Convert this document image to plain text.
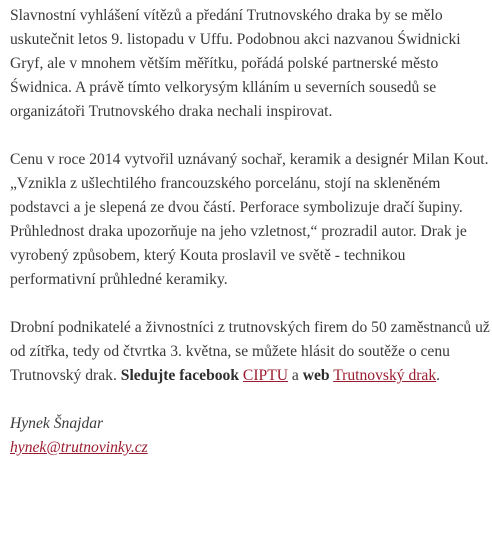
Slavnostní vyhlášení vítězů a předání Trutnovského draka by se mělo uskutečnit letos 9. listopadu v Uffu. Podobnou akci nazvanou Świdnicki Gryf, ale v mnohem větším měřítku, pořádá polské partnerské město Świdnica. A právě tímto velkorysým klláním u severních sousedů se organizátoři Trutnovského draka nechali inspirovat.

Cenu v roce 2014 vytvořil uznávaný sochař, keramik a designér Milan Kout. „Vznikla z ušlechtilého francouzského porcelánu, stojí na skleněném podstavci a je slepená ze dvou částí. Perforace symbolizuje dračí šupiny. Průhlednost draka upozorňuje na jeho vzletnost,“ prozradil autor. Drak je vyrobený způsobem, který Kouta proslavil ve světě - technikou performativní průhledné keramiky.

Drobní podnikatelé a živnostníci z trutnovských firem do 50 zaměstnanců už od zítřka, tedy od čtvrtka 3. května, se můžete hlásit do soutěže o cenu Trutnovský drak. Sledujte facebook CIPTU a web Trutnovský drak.

Hynek Šnajdar
hynek@trutnovinky.cz
